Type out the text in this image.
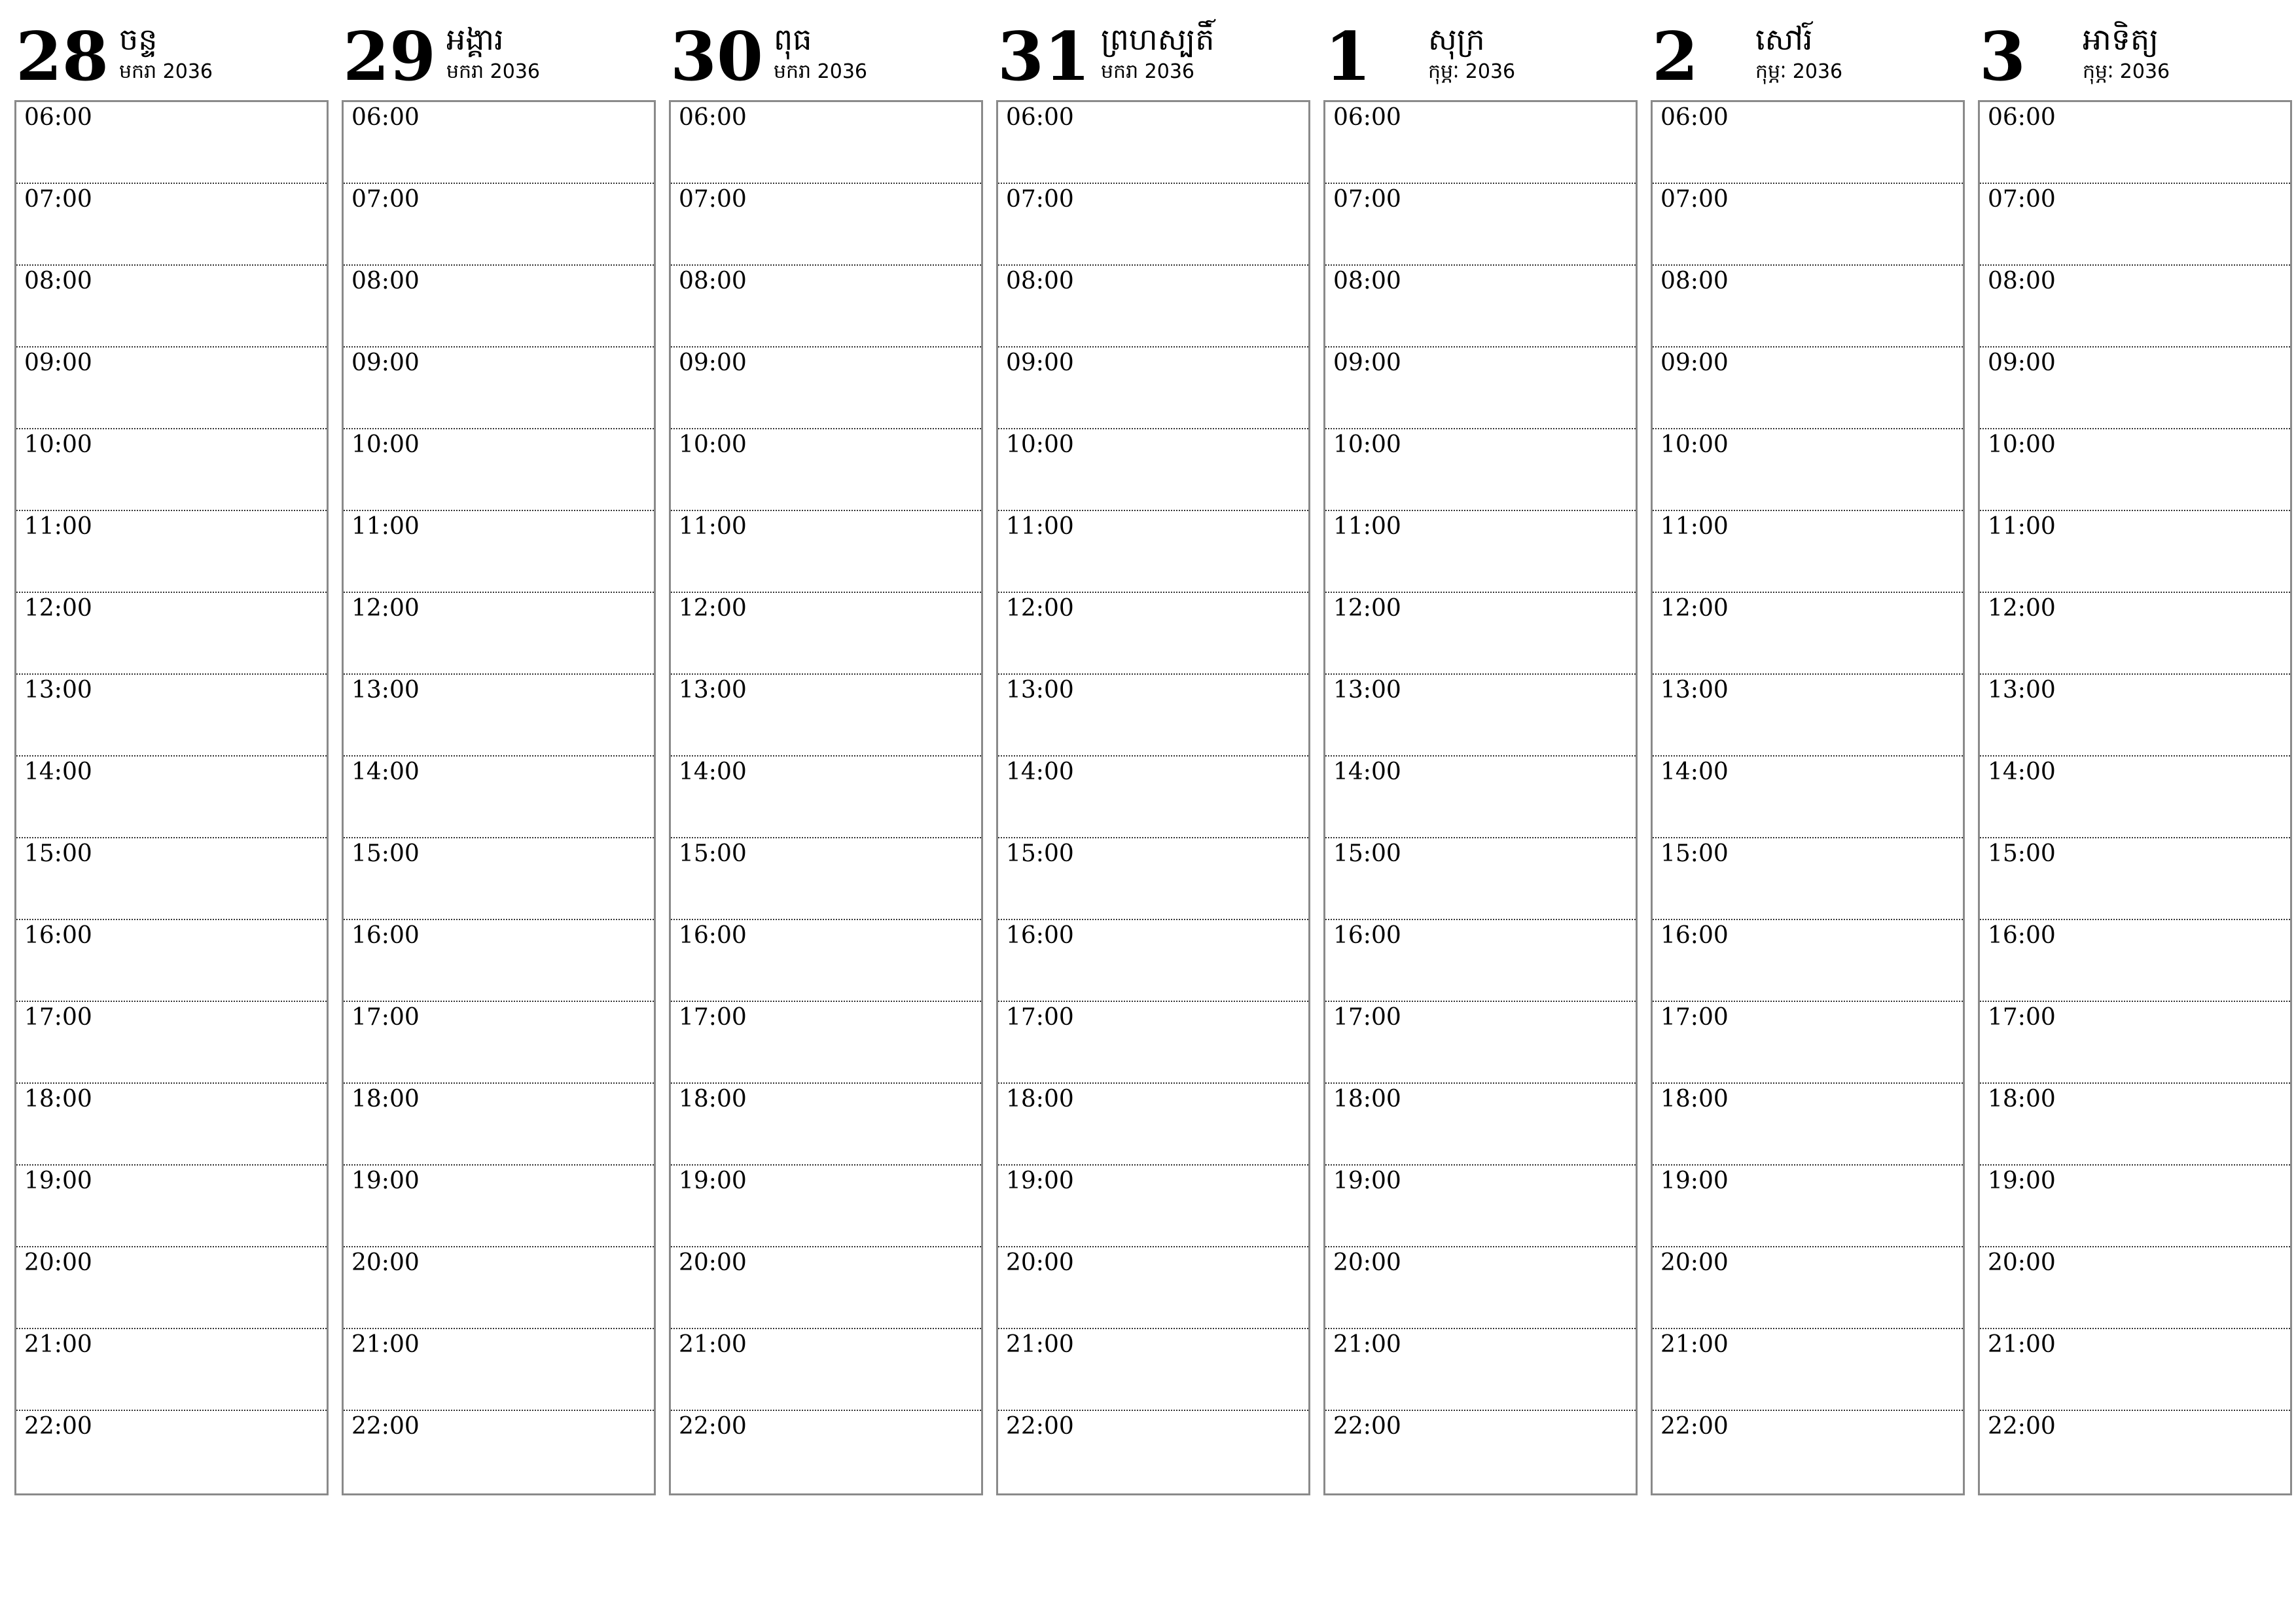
28 ចន្ទ
មករា 2036
06:00
07:00
08:00
09:00
10:00
11:00
12:00
13:00
14:00
15:00
16:00
17:00
18:00
19:00
20:00
21:00
22:00
29 អង្គារ
មករា 2036
06:00
07:00
08:00
09:00
10:00
11:00
12:00
13:00
14:00
15:00
16:00
17:00
18:00
19:00
20:00
21:00
22:00
30 ពុធ
មករា 2036
06:00
07:00
08:00
09:00
10:00
11:00
12:00
13:00
14:00
15:00
16:00
17:00
18:00
19:00
20:00
21:00
22:00
31 ព្រហស្បតិ៍
មករា 2036
06:00
07:00
08:00
09:00
10:00
11:00
12:00
13:00
14:00
15:00
16:00
17:00
18:00
19:00
20:00
21:00
22:00
1 សុក្រ
កុម្ភៈ 2036
06:00
07:00
08:00
09:00
10:00
11:00
12:00
13:00
14:00
15:00
16:00
17:00
18:00
19:00
20:00
21:00
22:00
2 សៅរ៍
កុម្ភៈ 2036
06:00
07:00
08:00
09:00
10:00
11:00
12:00
13:00
14:00
15:00
16:00
17:00
18:00
19:00
20:00
21:00
22:00
3 អាទិត្យ
កុម្ភៈ 2036
06:00
07:00
08:00
09:00
10:00
11:00
12:00
13:00
14:00
15:00
16:00
17:00
18:00
19:00
20:00
21:00
22:00
